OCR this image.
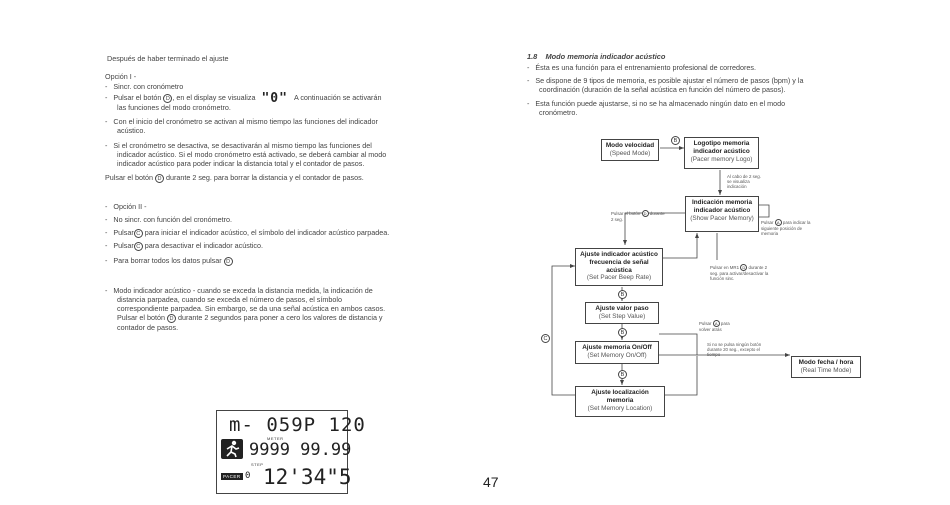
Después de haber terminado el ajuste
Opción I -
-   Sincr. con cronómetro
-   Pulsar el botón D , en el display se visualiza "0" A continuación se activarán
las funciones del modo cronómetro.
-   Con el inicio del cronómetro se activan al mismo tiempo las funciones del indicador
acústico.
-   Si el cronómetro se desactiva, se desactivarán al mismo tiempo las funciones del
indicador acústico. Si el modo cronómetro está activado, se deberá cambiar al modo
indicador acústico para poder indicar la distancia total y el contador de pasos.
Pulsar el botón D durante 2 seg. para borrar la distancia y el contador de pasos.
-   Opción II -
-   No sincr. con función del cronómetro.
-   Pulsar C para iniciar el indicador acústico, el símbolo del indicador acústico parpadea.
-   Pulsar C para desactivar el indicador acústico.
-   Para borrar todos los datos pulsar D
-   Modo indicador acústico - cuando se exceda la distancia medida, la indicación de
distancia parpadea, cuando se exceda el número de pasos, el símbolo
correspondiente parpadea. Sin embargo, se da una señal acústica en ambos casos.
Pulsar el botón D durante 2 segundos para poner a cero los valores de distancia y
contador de pasos.
m- 059P 120
METER
9999 99.99
STEP
PACER 0 12'34"5
1.8 Modo memoria indicador acústico
-   Ésta es una función para el entrenamiento profesional de corredores.
-   Se dispone de 9 tipos de memoria, es posible ajustar el número de pasos (bpm) y la
coordinación (duración de la señal acústica en función del número de pasos).
-   Esta función puede ajustarse, si no se ha almacenado ningún dato en el modo
cronómetro.
Modo velocidad
(Speed Mode)
B	Logotipo memoria
indicador acústico
(Pacer memory Logo)
Al cabo de 2 seg.
se visualiza
indicación
Indicación memoria
indicador acústico
(Show Pacer Memory)
Pulsar el botón D durante
2 seg.
Pulsar A para indicar la
siguiente posición de
memoria
Ajuste indicador acústico
frecuencia de señal
acústica
(Set Pacer Beep Rate)
Pulsar en MR1 D durante 2
seg. para activar/desactivar la
función sinc.
B
Ajuste valor paso
(Set Step Value)
Pulsar A para
volver atrás
B
C
Ajuste memoria On/Off
(Set Memory On/Off)
Si no se pulsa ningún botón
durante 20 seg., excepto el
tiempo
Modo fecha / hora
(Real Time Mode)
B
Ajuste localización
memoria
(Set Memory Location)
47
